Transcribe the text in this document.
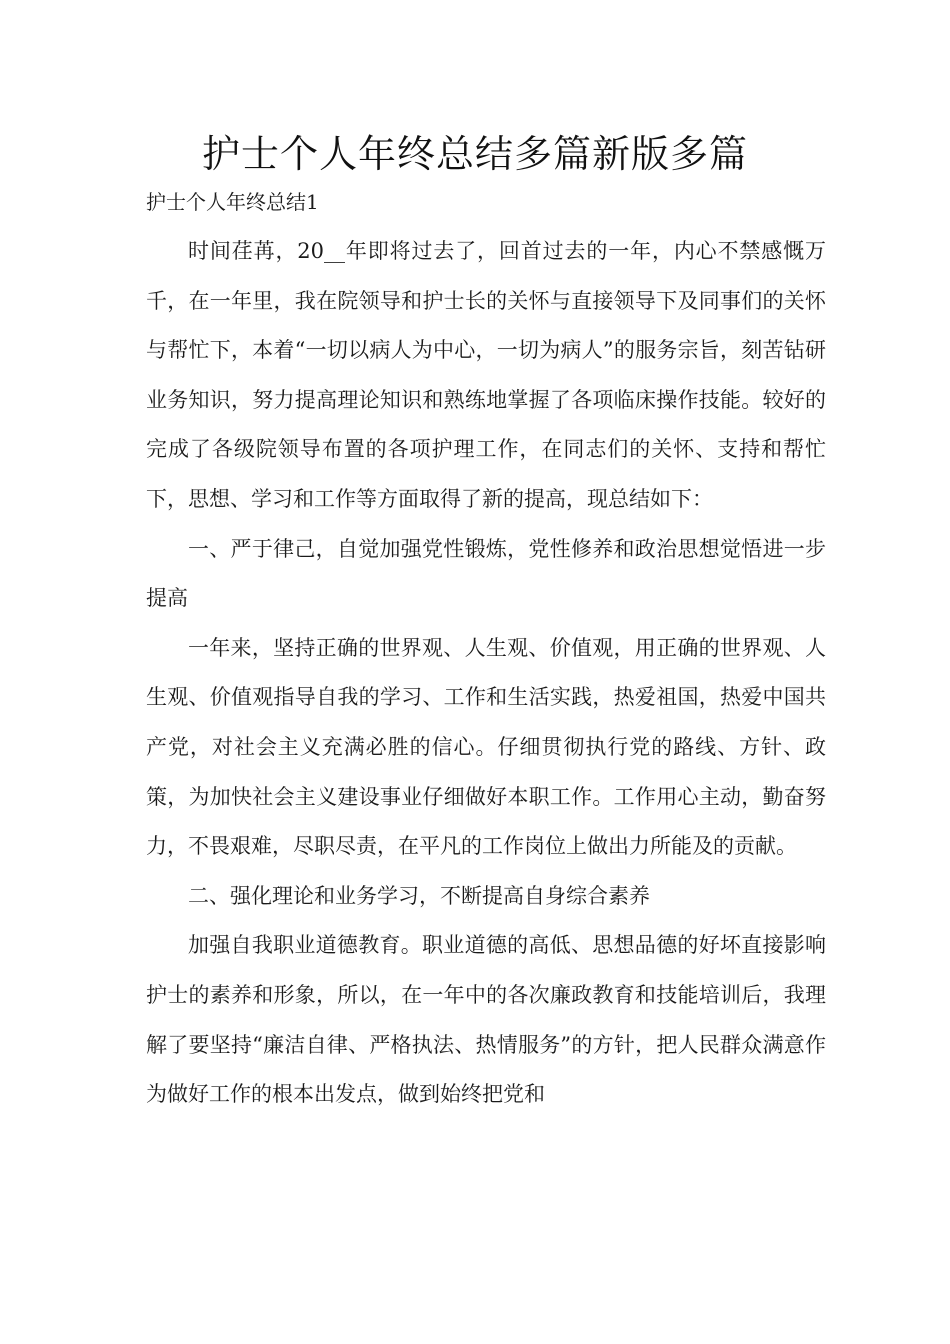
护士个人年终总结多篇新版多篇
护士个人年终总结1

时间荏苒，20__年即将过去了，回首过去的一年，内心不禁感慨万千，在一年里，我在院领导和护士长的关怀与直接领导下及同事们的关怀与帮忙下，本着“一切以病人为中心，一切为病人”的服务宗旨，刻苦钻研业务知识，努力提高理论知识和熟练地掌握了各项临床操作技能。较好的完成了各级院领导布置的各项护理工作，在同志们的关怀、支持和帮忙下，思想、学习和工作等方面取得了新的提高，现总结如下：

一、严于律己，自觉加强党性锻炼，党性修养和政治思想觉悟进一步提高

一年来，坚持正确的世界观、人生观、价值观，用正确的世界观、人生观、价值观指导自我的学习、工作和生活实践，热爱祖国，热爱中国共产党，对社会主义充满必胜的信心。仔细贯彻执行党的路线、方针、政策，为加快社会主义建设事业仔细做好本职工作。工作用心主动，勤奋努力，不畏艰难，尽职尽责，在平凡的工作岗位上做出力所能及的贡献。

二、强化理论和业务学习，不断提高自身综合素养

加强自我职业道德教育。职业道德的高低、思想品德的好坏直接影响护士的素养和形象，所以，在一年中的各次廉政教育和技能培训后，我理解了要坚持“廉洁自律、严格执法、热情服务”的方针，把人民群众满意作为做好工作的根本出发点，做到始终把党和
